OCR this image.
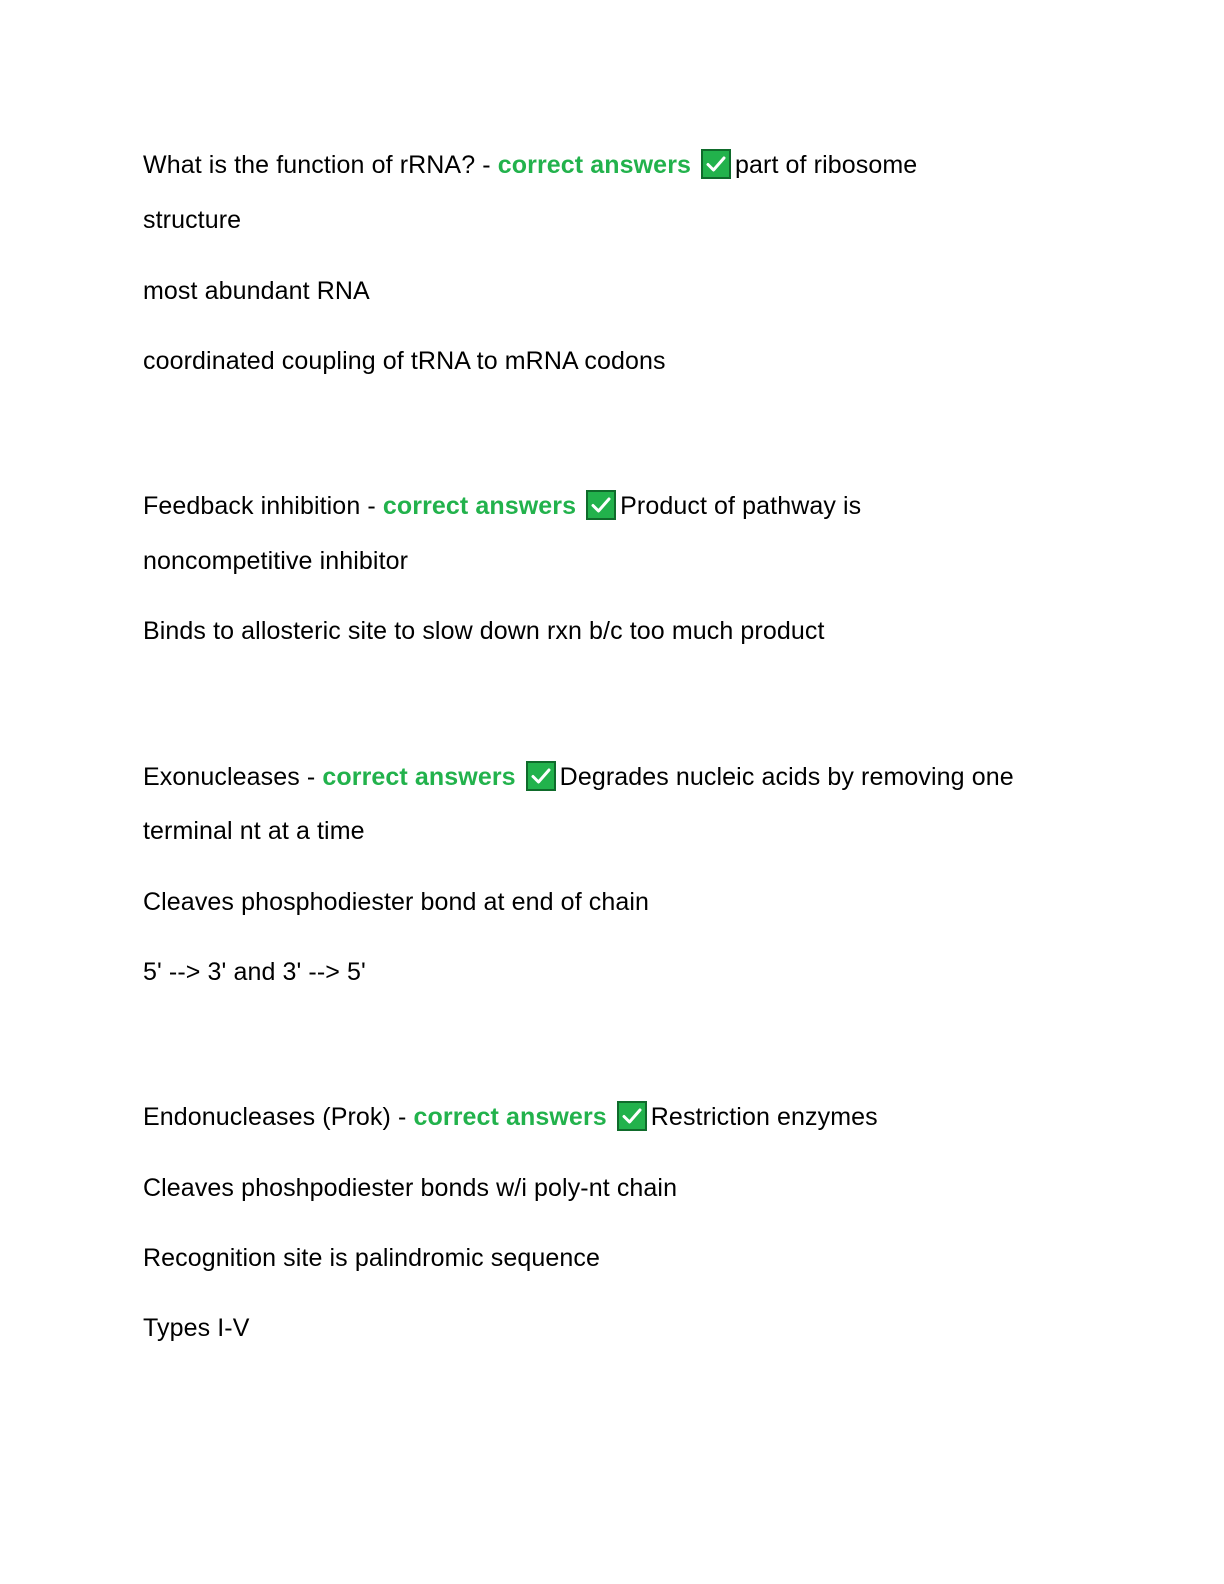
What is the function of rRNA? - correct answers part of ribosome
structure
most abundant RNA
coordinated coupling of tRNA to mRNA codons
Feedback inhibition - correct answers Product of pathway is
noncompetitive inhibitor
Binds to allosteric site to slow down rxn b/c too much product
Exonucleases - correct answers Degrades nucleic acids by removing one
terminal nt at a time
Cleaves phosphodiester bond at end of chain
5' --> 3' and 3' --> 5'
Endonucleases (Prok) - correct answers Restriction enzymes
Cleaves phoshpodiester bonds w/i poly-nt chain
Recognition site is palindromic sequence
Types I-V
